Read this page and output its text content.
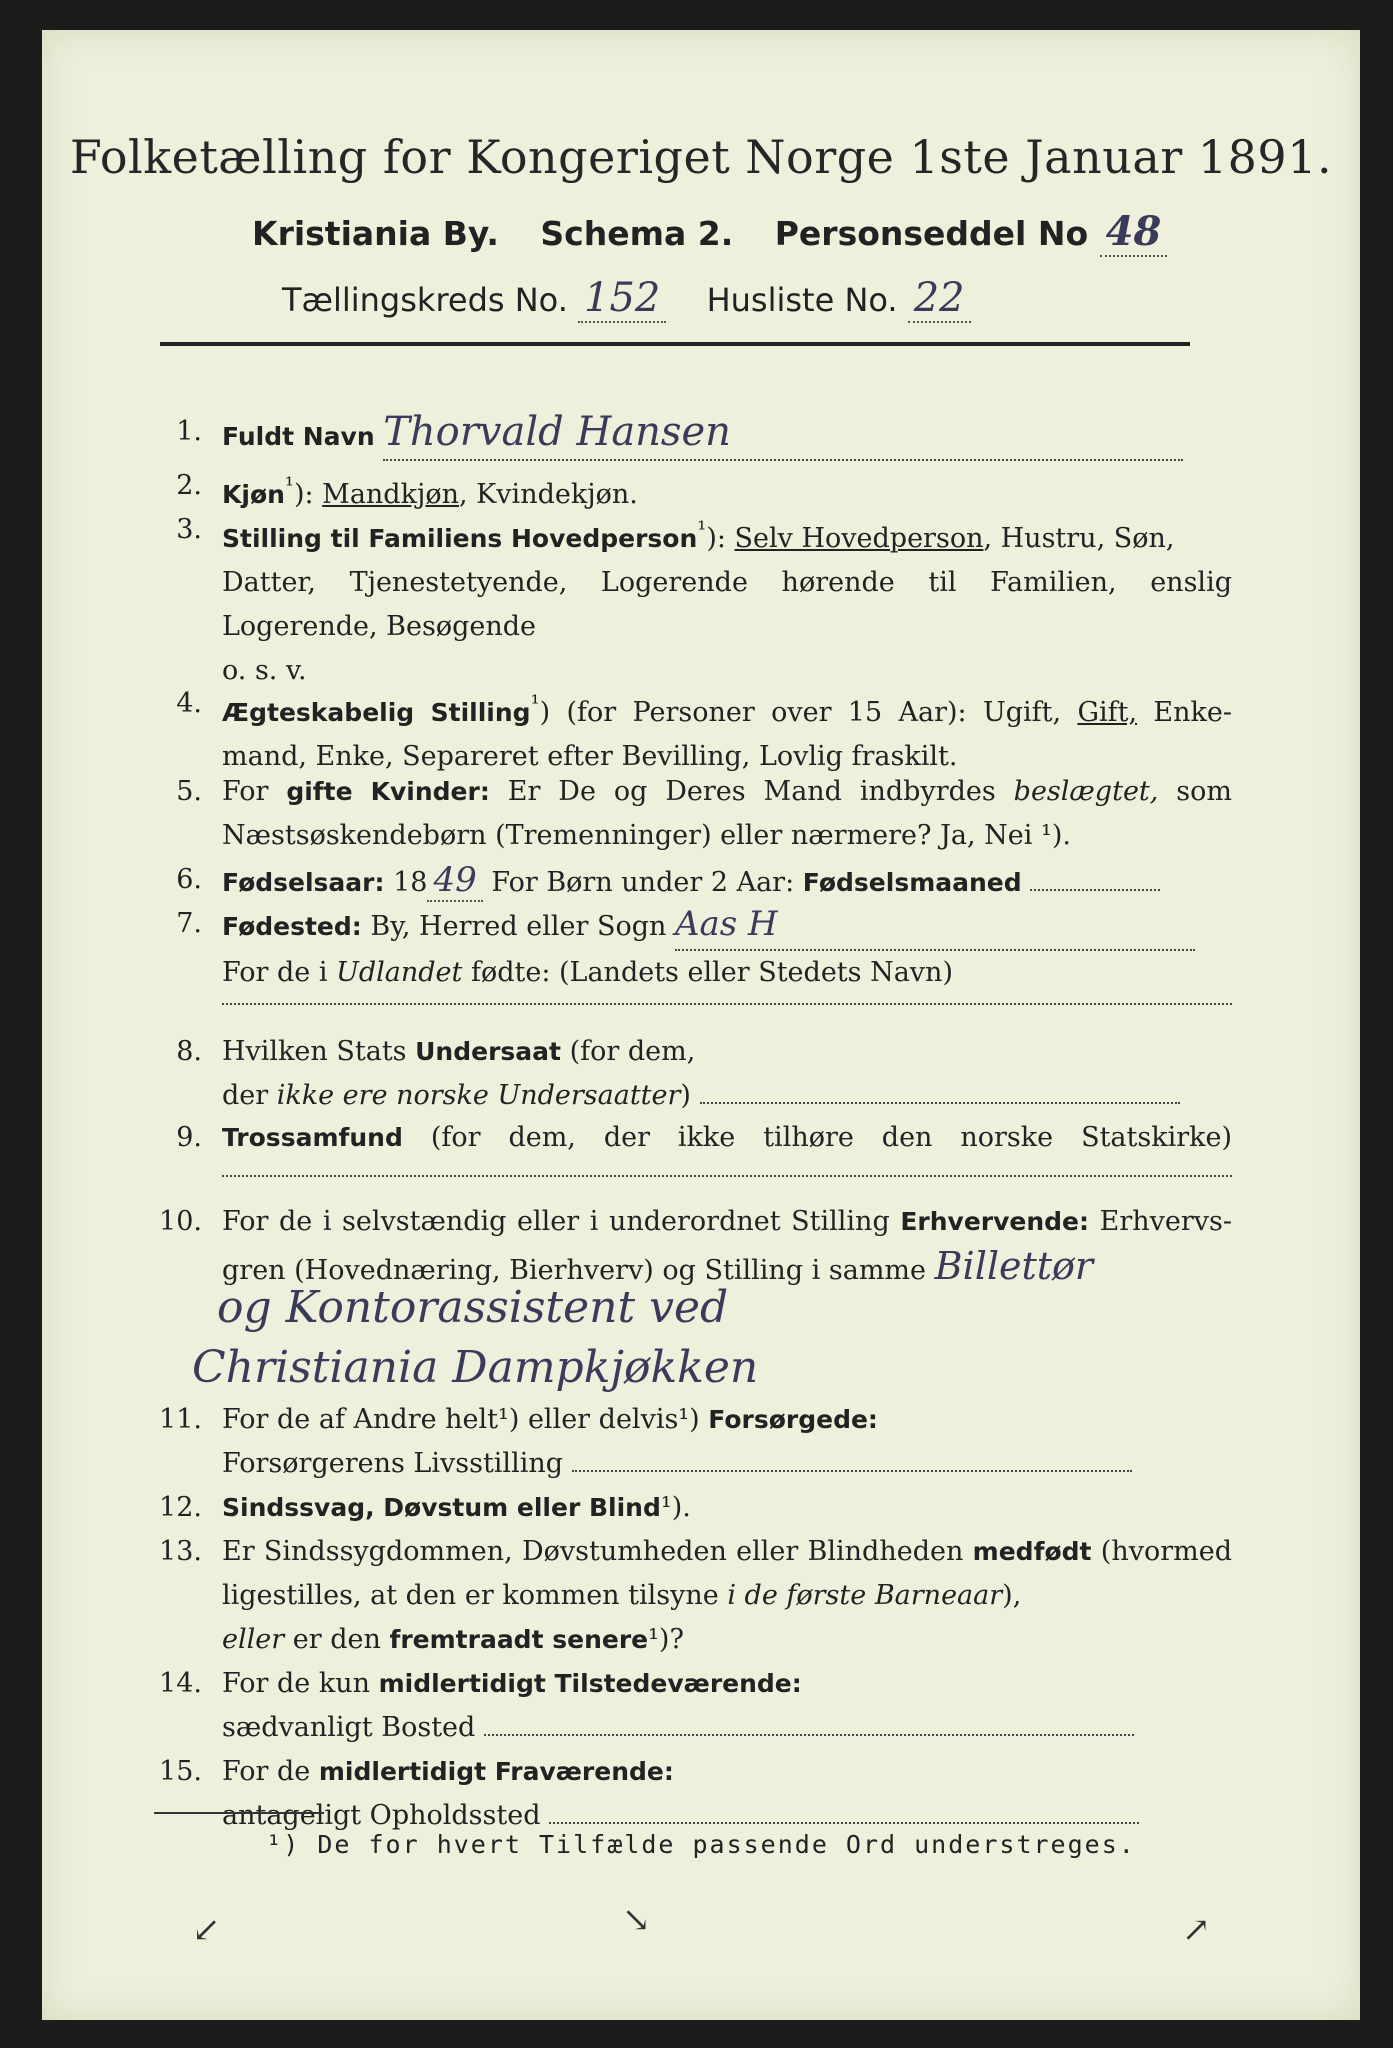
Folketælling for Kongeriget Norge 1ste Januar 1891.
Kristiania By. Schema 2. Personseddel No 48
Tællingskreds No. 152 Husliste No. 22
1. Fuldt Navn Thorvald Hansen
2. Kjøn$^{^1}$): Mandkjøn, Kvindekjøn.
3. Stilling til Familiens Hovedperson$^{^1}$): Selv Hovedperson, Hustru, Søn,
Datter, Tjenestetyende, Logerende hørende til Familien, enslig
Logerende, Besøgende
o. s. v.
4. Ægteskabelig Stilling$^{^1}$) (for Personer over 15 Aar): Ugift, Gift, Enke-
mand, Enke, Separeret efter Bevilling, Lovlig fraskilt.
5. For gifte Kvinder: Er De og Deres Mand indbyrdes beslægtet, som
Næstsøskendebørn (Tremenninger) eller nærmere? Ja, Nei ¹).
6. Fødselsaar: 18 49 For Børn under 2 Aar: Fødselsmaaned
7. Fødested: By, Herred eller Sogn Aas H
For de i Udlandet fødte: (Landets eller Stedets Navn)
8. Hvilken Stats Undersaat (for dem,
der ikke ere norske Undersaatter)
9. Trossamfund (for dem, der ikke tilhøre den norske Statskirke)
10. For de i selvstændig eller i underordnet Stilling Erhvervende: Erhvervs-
gren (Hovednæring, Bierhverv) og Stilling i samme Billettør
og Kontorassistent ved
Christiania Dampkjøkken
11. For de af Andre helt¹) eller delvis¹) Forsørgede:
Forsørgerens Livsstilling
12. Sindssvag, Døvstum eller Blind¹).
13. Er Sindssygdommen, Døvstumheden eller Blindheden medfødt (hvormed
ligestilles, at den er kommen tilsyne i de første Barneaar),
eller er den fremtraadt senere¹)?
14. For de kun midlertidigt Tilstedeværende:
sædvanligt Bosted
15. For de midlertidigt Fraværende:
antageligt Opholdssted
¹) De for hvert Tilfælde passende Ord understreges.
↙	↘	↗
